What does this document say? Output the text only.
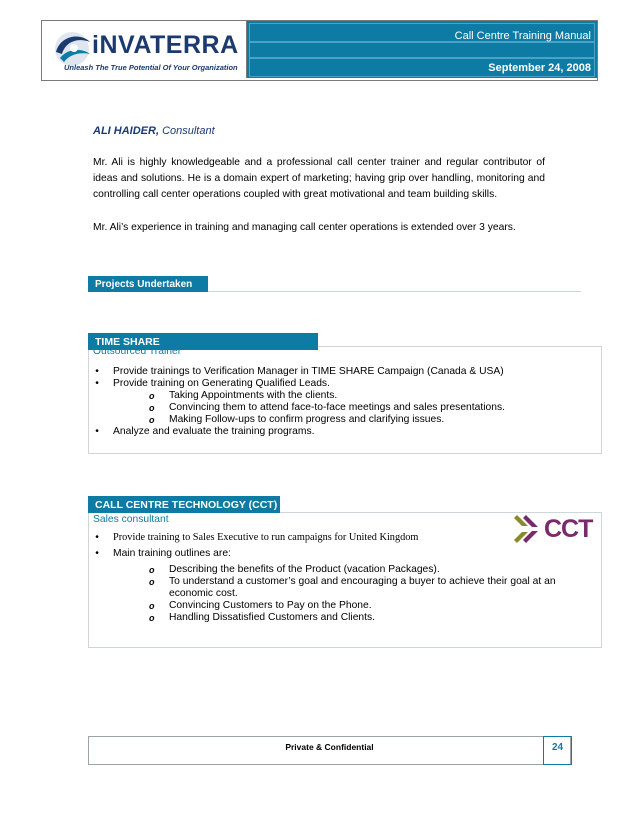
iNVATERRA
Unleash The True Potential Of Your Organization
Call Centre Training Manual
September 24, 2008
ALI HAIDER, Consultant
Mr. Ali is highly knowledgeable and a professional call center trainer and regular contributor of ideas and solutions. He is a domain expert of marketing; having grip over handling, monitoring and controlling call center operations coupled with great motivational and team building skills.
Mr. Ali’s experience in training and managing call center operations is extended over 3 years.
Projects Undertaken
TIME SHARE
Outsourced Trainer
• Provide trainings to Verification Manager in TIME SHARE Campaign (Canada & USA)
• Provide training on Generating Qualified Leads.
o Taking Appointments with the clients.
o Convincing them to attend face-to-face meetings and sales presentations.
o Making Follow-ups to confirm progress and clarifying issues.
• Analyze and evaluate the training programs.
CALL CENTRE TECHNOLOGY (CCT)
Sales consultant	CCT
• Provide training to Sales Executive to run campaigns for United Kingdom
• Main training outlines are:
o Describing the benefits of the Product (vacation Packages).
o To understand a customer’s goal and encouraging a buyer to achieve their goal at an economic cost.
o Convincing Customers to Pay on the Phone.
o Handling Dissatisfied Customers and Clients.
Private & Confidential	24
